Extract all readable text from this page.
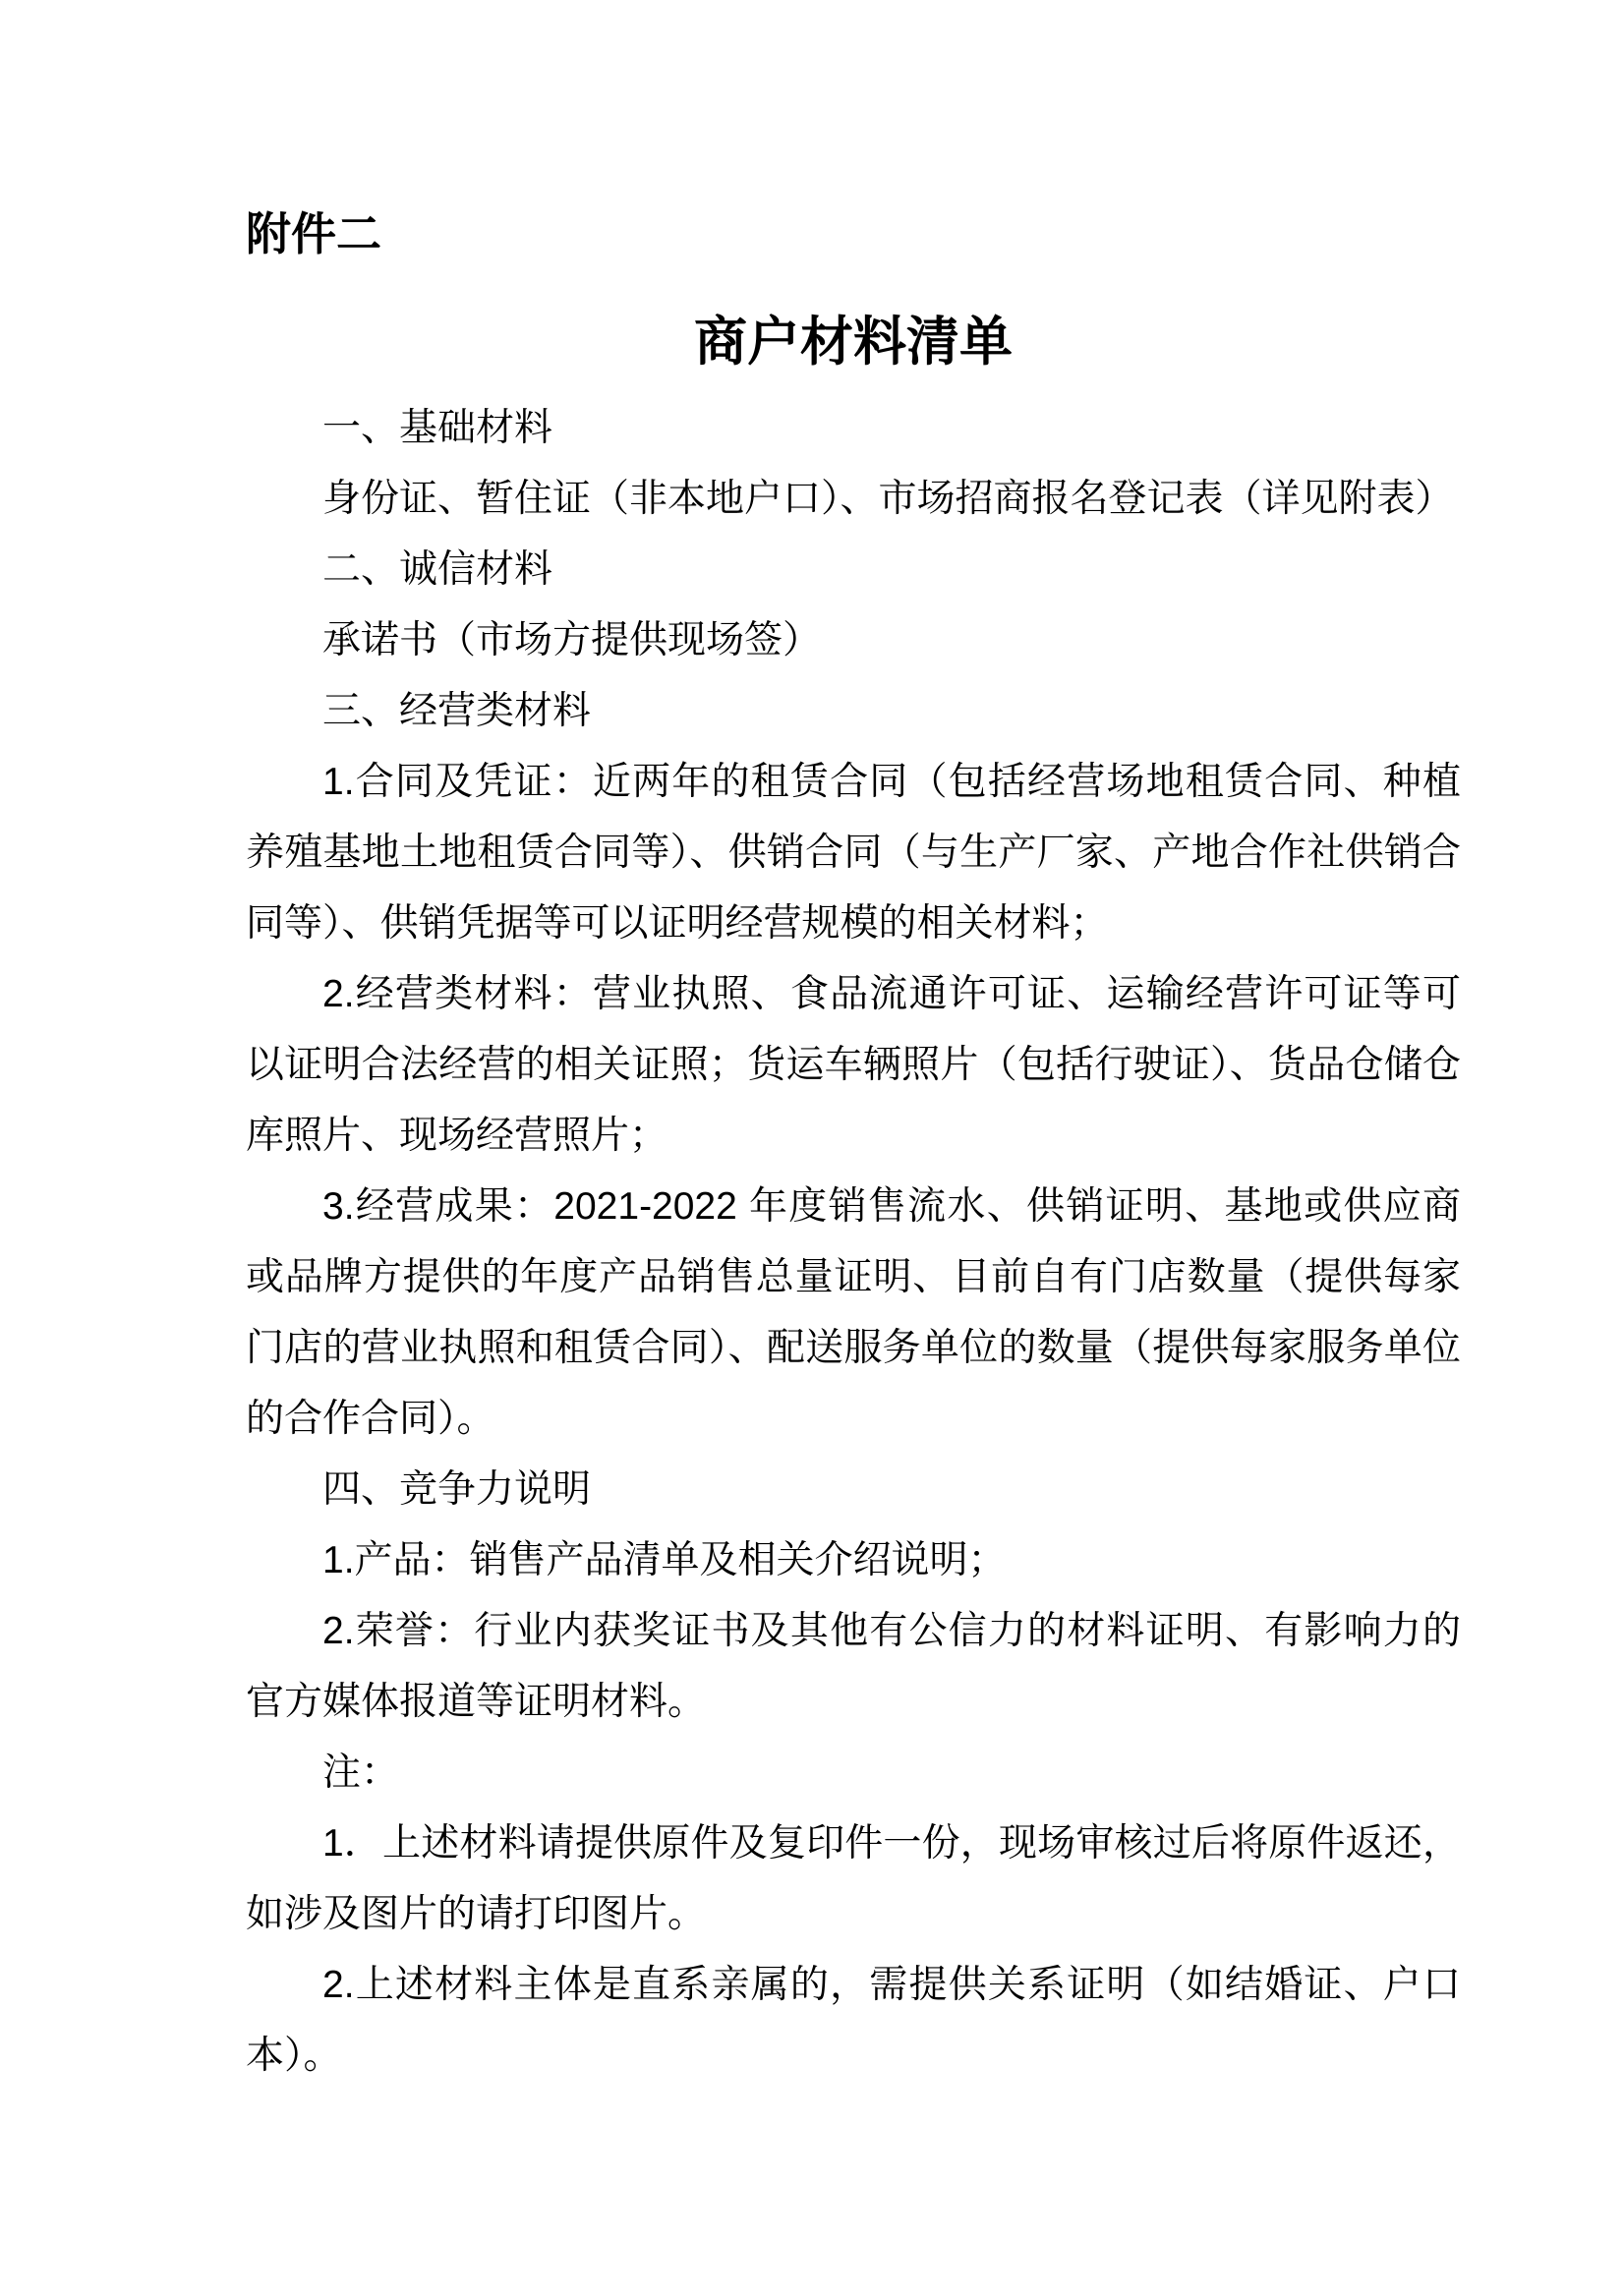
附件二

商户材料清单

一、基础材料

身份证、暂住证（非本地户口）、市场招商报名登记表（详见附表）

二、诚信材料

承诺书（市场方提供现场签）

三、经营类材料

1.合同及凭证：近两年的租赁合同（包括经营场地租赁合同、种植养殖基地土地租赁合同等）、供销合同（与生产厂家、产地合作社供销合同等）、供销凭据等可以证明经营规模的相关材料；

2.经营类材料：营业执照、食品流通许可证、运输经营许可证等可以证明合法经营的相关证照；货运车辆照片（包括行驶证）、货品仓储仓库照片、现场经营照片；

3.经营成果：2021-2022 年度销售流水、供销证明、基地或供应商或品牌方提供的年度产品销售总量证明、目前自有门店数量（提供每家门店的营业执照和租赁合同）、配送服务单位的数量（提供每家服务单位的合作合同）。

四、竞争力说明

1.产品：销售产品清单及相关介绍说明；

2.荣誉：行业内获奖证书及其他有公信力的材料证明、有影响力的官方媒体报道等证明材料。

注：

1．上述材料请提供原件及复印件一份，现场审核过后将原件返还，如涉及图片的请打印图片。

2.上述材料主体是直系亲属的，需提供关系证明（如结婚证、户口本）。
